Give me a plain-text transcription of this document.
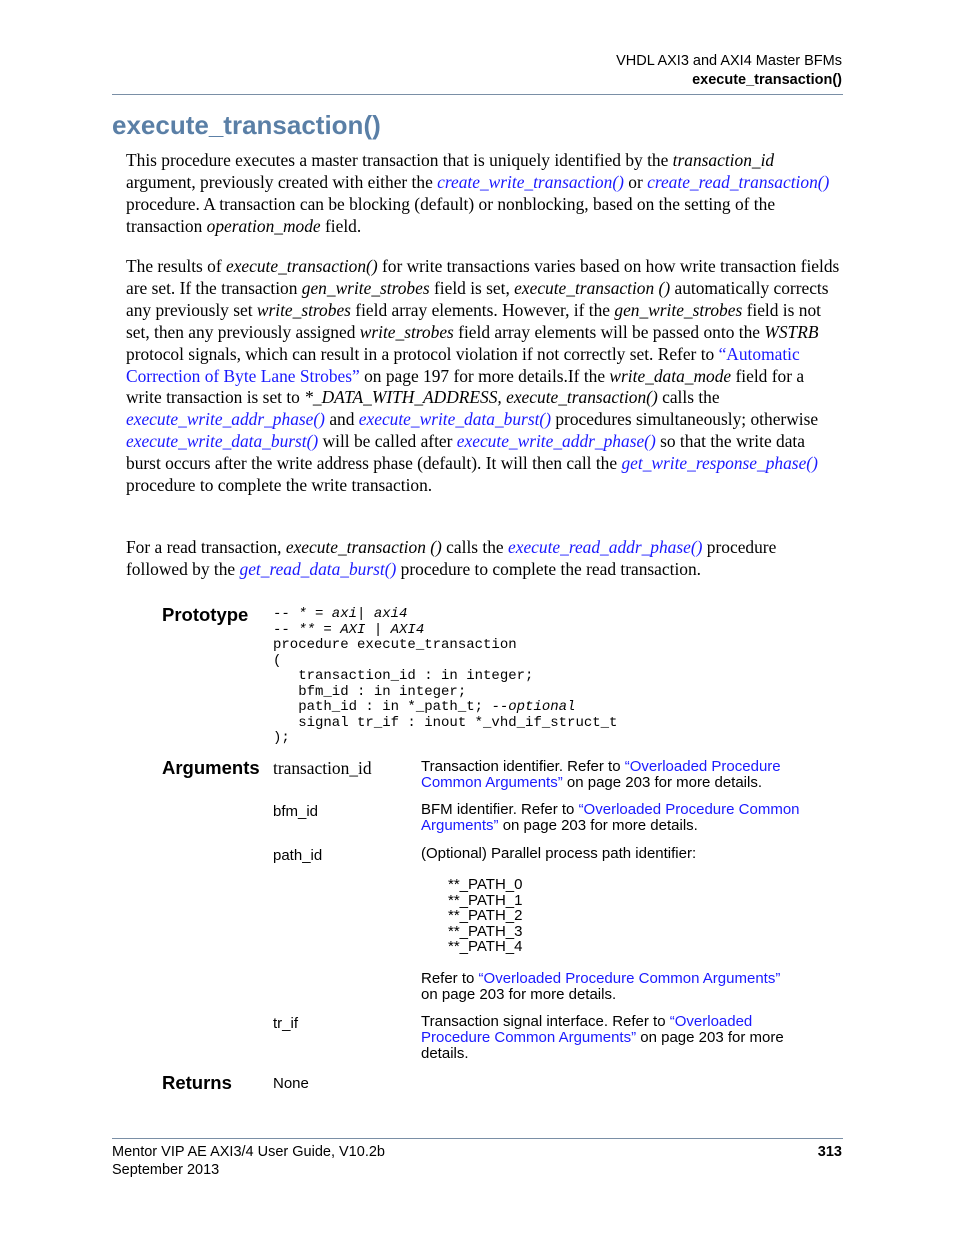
VHDL AXI3 and AXI4 Master BFMs
execute_transaction()
execute_transaction()

This procedure executes a master transaction that is uniquely identified by the transaction_id argument, previously created with either the create_write_transaction() or create_read_transaction() procedure. A transaction can be blocking (default) or nonblocking, based on the setting of the transaction operation_mode field.

The results of execute_transaction() for write transactions varies based on how write transaction fields are set. If the transaction gen_write_strobes field is set, execute_transaction () automatically corrects any previously set write_strobes field array elements. However, if the gen_write_strobes field is not set, then any previously assigned write_strobes field array elements will be passed onto the WSTRB protocol signals, which can result in a protocol violation if not correctly set. Refer to “Automatic Correction of Byte Lane Strobes” on page 197 for more details.If the write_data_mode field for a write transaction is set to *_DATA_WITH_ADDRESS, execute_transaction() calls the execute_write_addr_phase() and execute_write_data_burst() procedures simultaneously; otherwise execute_write_data_burst() will be called after execute_write_addr_phase() so that the write data burst occurs after the write address phase (default). It will then call the get_write_response_phase() procedure to complete the write transaction.

For a read transaction, execute_transaction () calls the execute_read_addr_phase() procedure followed by the get_read_data_burst() procedure to complete the read transaction.

Prototype -- * = axi| axi4
-- ** = AXI | AXI4
procedure execute_transaction
(
transaction_id : in integer;
bfm_id : in integer;
path_id : in *_path_t; --optional
signal tr_if : inout *_vhd_if_struct_t
);
Arguments transaction_id	Transaction identifier. Refer to “Overloaded Procedure Common Arguments” on page 203 for more details.
bfm_id	BFM identifier. Refer to “Overloaded Procedure Common Arguments” on page 203 for more details.
path_id	(Optional) Parallel process path identifier:
**_PATH_0
**_PATH_1
**_PATH_2
**_PATH_3
**_PATH_4
Refer to “Overloaded Procedure Common Arguments”
on page 203 for more details.
tr_if	Transaction signal interface. Refer to “Overloaded Procedure Common Arguments” on page 203 for more details.
Returns	None
Mentor VIP AE AXI3/4 User Guide, V10.2b
September 2013
313
